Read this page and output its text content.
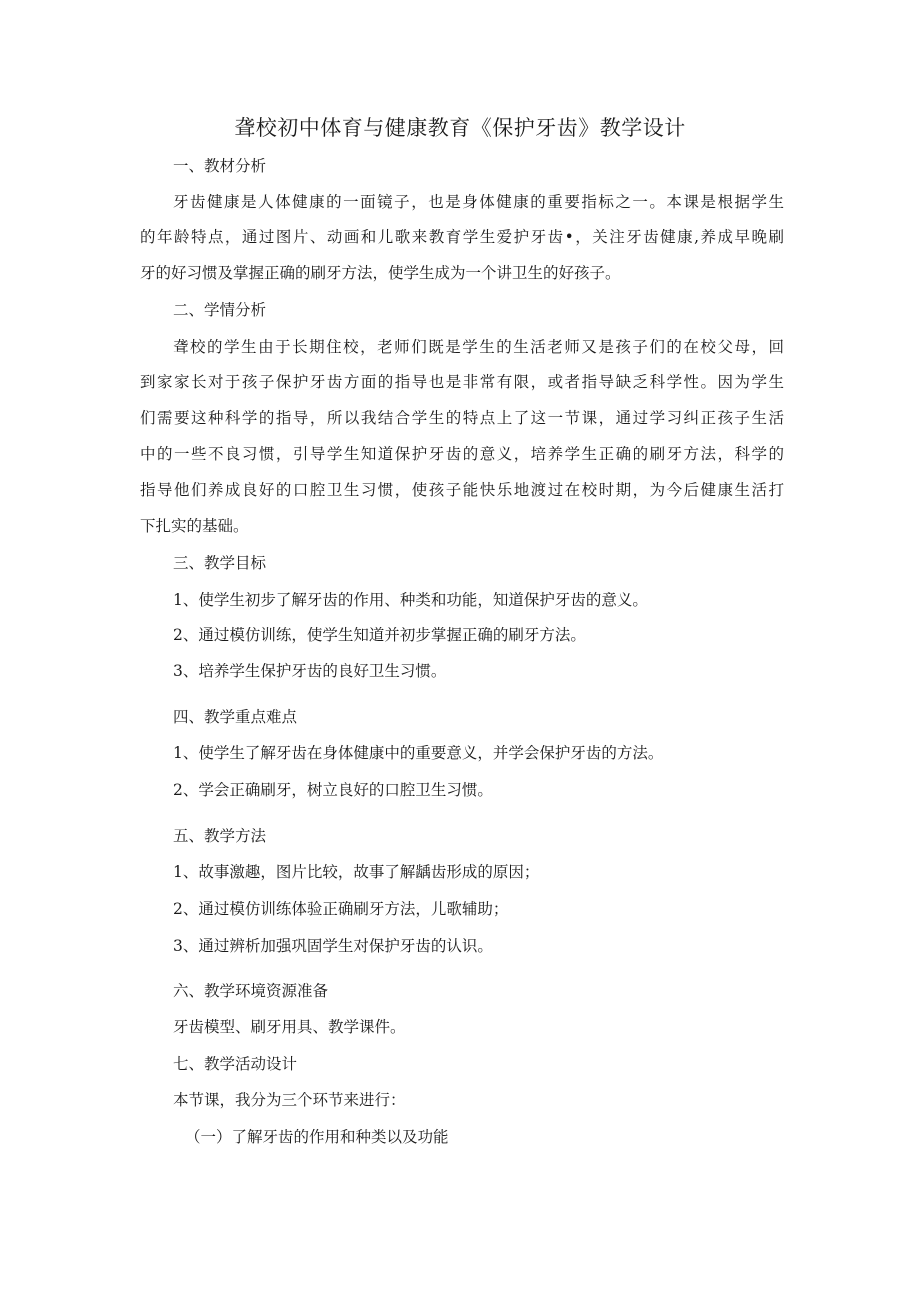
聋校初中体育与健康教育《保护牙齿》教学设计
一、教材分析
牙齿健康是人体健康的一面镜子，也是身体健康的重要指标之一。本课是根据学生
的年龄特点，通过图片、动画和儿歌来教育学生爱护牙齿•，关注牙齿健康,养成早晚刷
牙的好习惯及掌握正确的刷牙方法，使学生成为一个讲卫生的好孩子。
二、学情分析
聋校的学生由于长期住校，老师们既是学生的生活老师又是孩子们的在校父母，回
到家家长对于孩子保护牙齿方面的指导也是非常有限，或者指导缺乏科学性。因为学生
们需要这种科学的指导，所以我结合学生的特点上了这一节课，通过学习纠正孩子生活
中的一些不良习惯，引导学生知道保护牙齿的意义，培养学生正确的刷牙方法，科学的
指导他们养成良好的口腔卫生习惯，使孩子能快乐地渡过在校时期，为今后健康生活打
下扎实的基础。
三、教学目标
1、使学生初步了解牙齿的作用、种类和功能，知道保护牙齿的意义。
2、通过模仿训练，使学生知道并初步掌握正确的刷牙方法。
3、培养学生保护牙齿的良好卫生习惯。
四、教学重点难点
1、使学生了解牙齿在身体健康中的重要意义，并学会保护牙齿的方法。
2、学会正确刷牙，树立良好的口腔卫生习惯。
五、教学方法
1、故事激趣，图片比较，故事了解龋齿形成的原因；
2、通过模仿训练体验正确刷牙方法，儿歌辅助；
3、通过辨析加强巩固学生对保护牙齿的认识。
六、教学环境资源准备
牙齿模型、刷牙用具、教学课件。
七、教学活动设计
本节课，我分为三个环节来进行：
（一）了解牙齿的作用和种类以及功能
